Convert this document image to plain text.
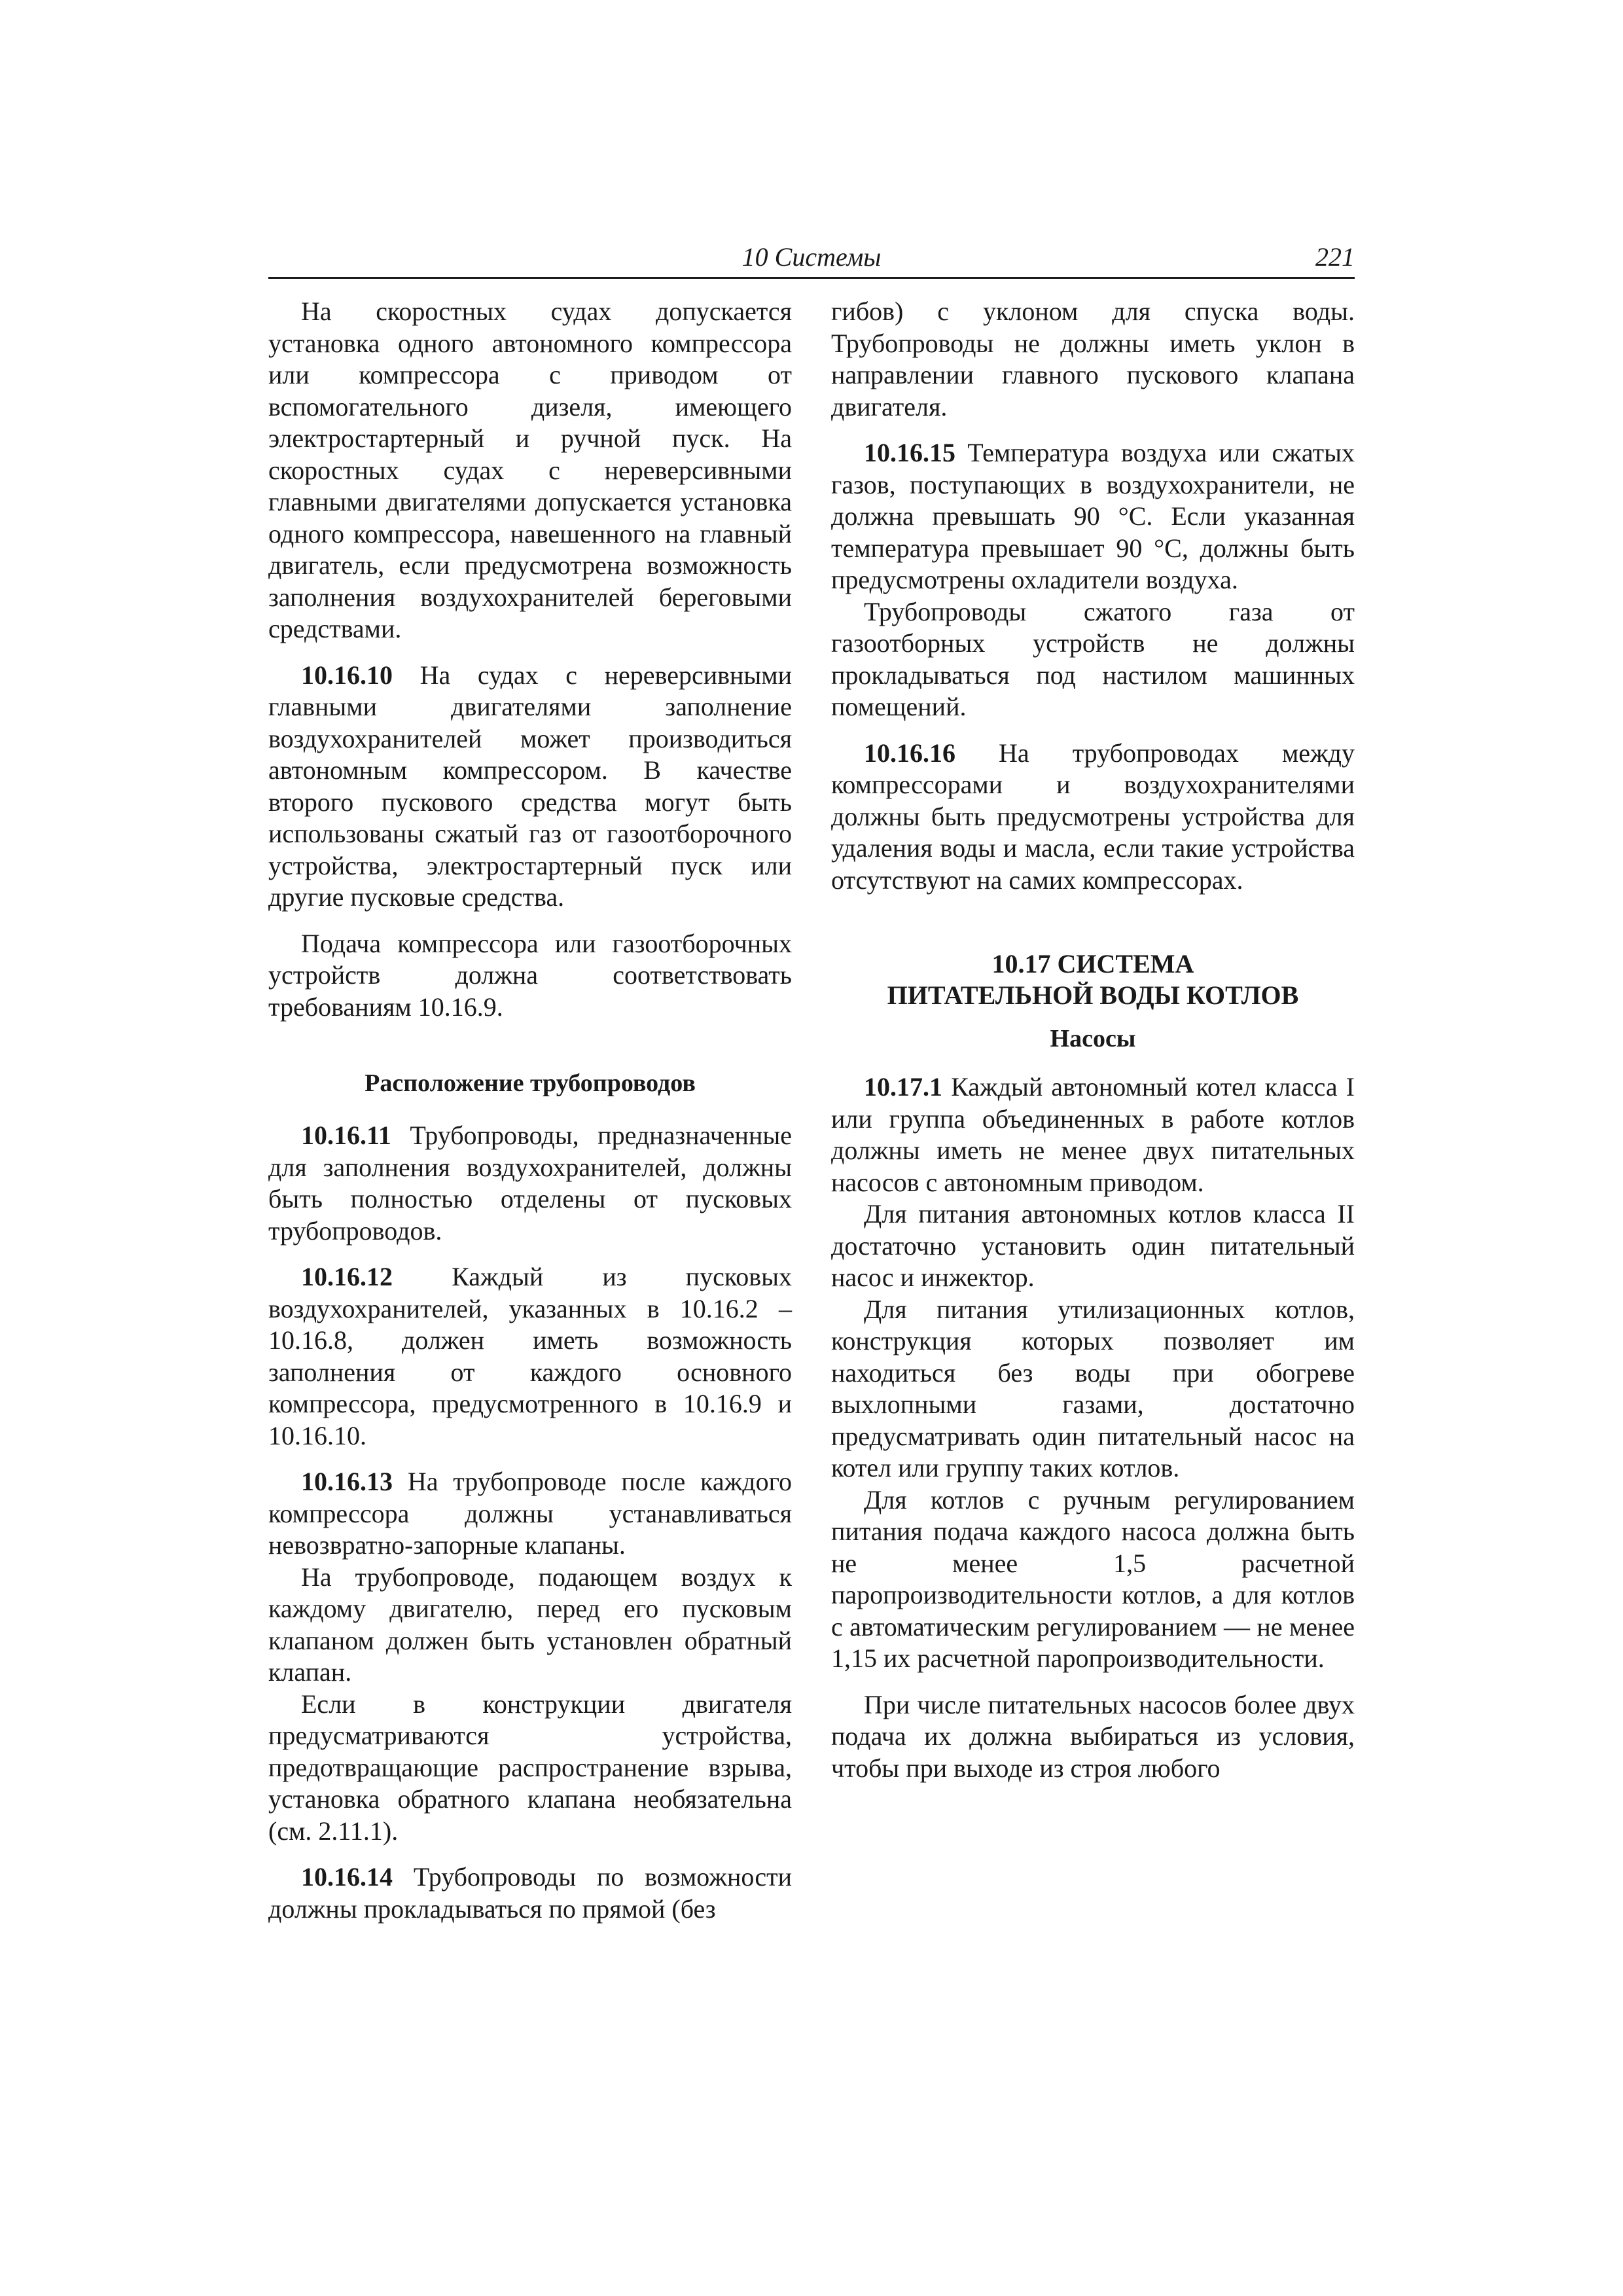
10 Системы	221

На скоростных судах допускается установка одного автономного компрессора или компрессора с приводом от вспомогательного дизеля, имеющего электростартерный и ручной пуск. На скоростных судах с нереверсивными главными двигателями допускается установка одного компрессора, навешенного на главный двигатель, если предусмотрена возможность заполнения воздухохранителей береговыми средствами.

10.16.10 На судах с нереверсивными главными двигателями заполнение воздухохранителей может производиться автономным компрессором. В качестве второго пускового средства могут быть использованы сжатый газ от газоотборочного устройства, электростартерный пуск или другие пусковые средства.

Подача компрессора или газоотборочных устройств должна соответствовать требованиям 10.16.9.

Расположение трубопроводов

10.16.11 Трубопроводы, предназначенные для заполнения воздухохранителей, должны быть полностью отделены от пусковых трубопроводов.

10.16.12 Каждый из пусковых воздухохранителей, указанных в 10.16.2 – 10.16.8, должен иметь возможность заполнения от каждого основного компрессора, предусмотренного в 10.16.9 и 10.16.10.

10.16.13 На трубопроводе после каждого компрессора должны устанавливаться невозвратно-запорные клапаны.

На трубопроводе, подающем воздух к каждому двигателю, перед его пусковым клапаном должен быть установлен обратный клапан.

Если в конструкции двигателя предусматриваются устройства, предотвращающие распространение взрыва, установка обратного клапана необязательна (см. 2.11.1).

10.16.14 Трубопроводы по возможности должны прокладываться по прямой (без

гибов) с уклоном для спуска воды. Трубопроводы не должны иметь уклон в направлении главного пускового клапана двигателя.

10.16.15 Температура воздуха или сжатых газов, поступающих в воздухохранители, не должна превышать 90 °С. Если указанная температура превышает 90 °С, должны быть предусмотрены охладители воздуха.

Трубопроводы сжатого газа от газоотборных устройств не должны прокладываться под настилом машинных помещений.

10.16.16 На трубопроводах между компрессорами и воздухохранителями должны быть предусмотрены устройства для удаления воды и масла, если такие устройства отсутствуют на самих компрессорах.

10.17 СИСТЕМА
ПИТАТЕЛЬНОЙ ВОДЫ КОТЛОВ
Насосы

10.17.1 Каждый автономный котел класса I или группа объединенных в работе котлов должны иметь не менее двух питательных насосов с автономным приводом.

Для питания автономных котлов класса II достаточно установить один питательный насос и инжектор.

Для питания утилизационных котлов, конструкция которых позволяет им находиться без воды при обогреве выхлопными газами, достаточно предусматривать один питательный насос на котел или группу таких котлов.

Для котлов с ручным регулированием питания подача каждого насоса должна быть не менее 1,5 расчетной паропроизводительности котлов, а для котлов с автоматическим регулированием — не менее 1,15 их расчетной паропроизводительности.

При числе питательных насосов более двух подача их должна выбираться из условия, чтобы при выходе из строя любого
